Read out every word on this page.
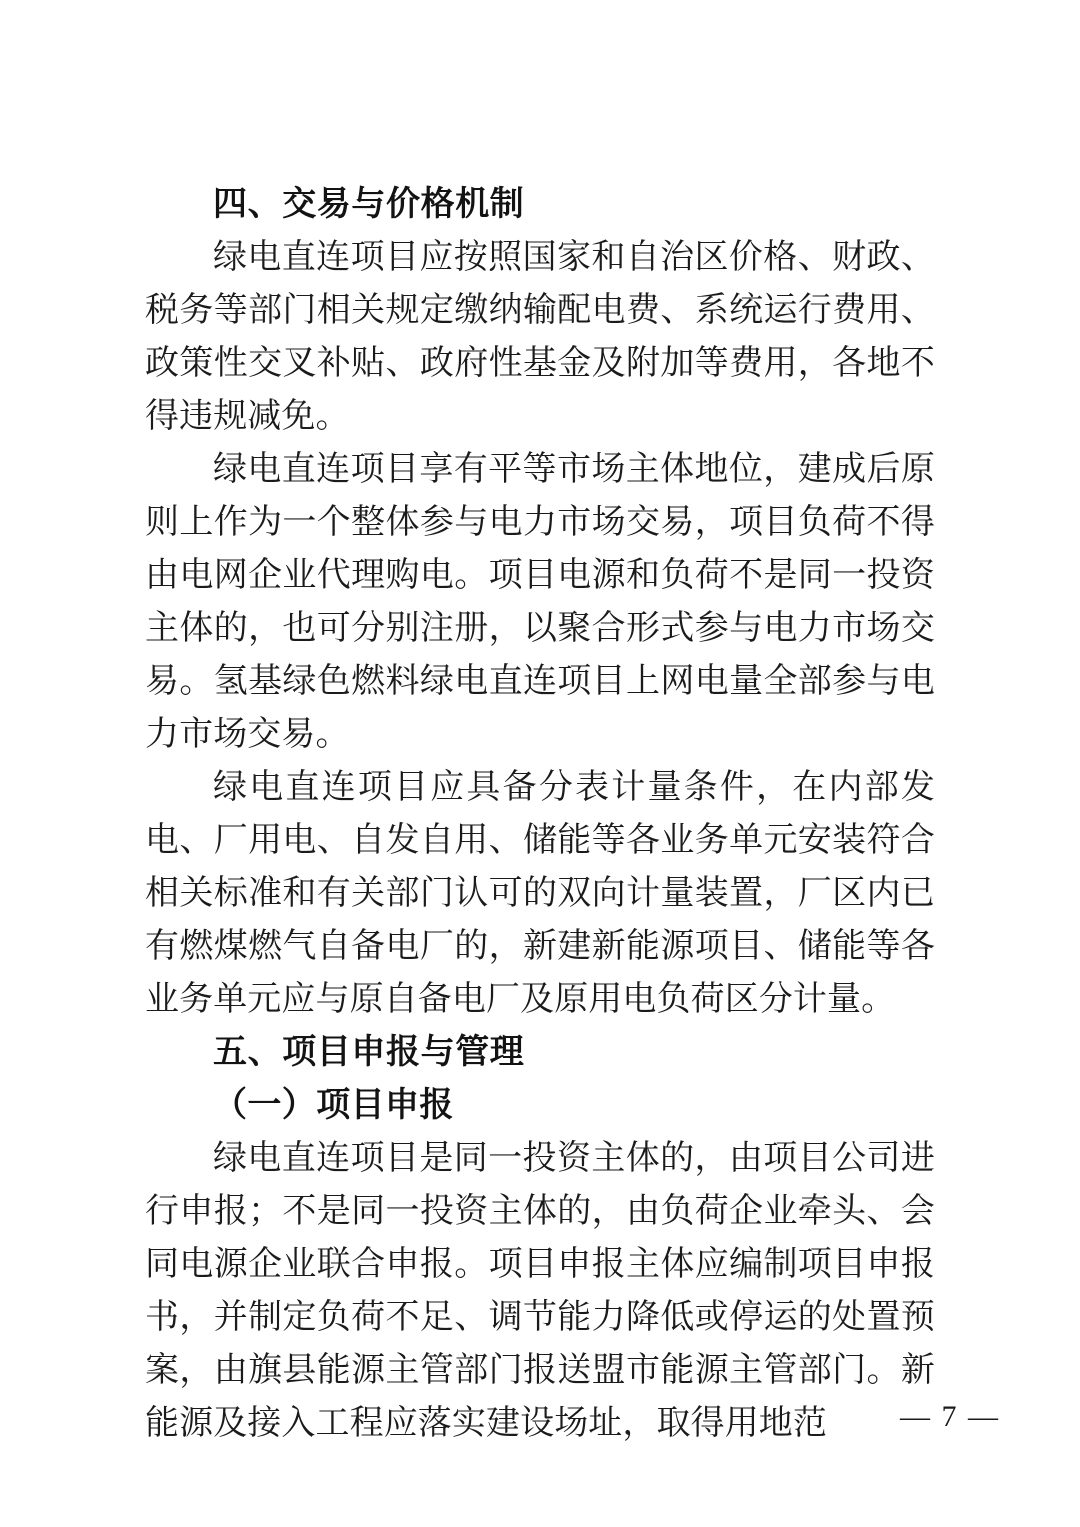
四、交易与价格机制

绿电直连项目应按照国家和自治区价格、财政、税务等部门相关规定缴纳输配电费、系统运行费用、政策性交叉补贴、政府性基金及附加等费用，各地不得违规减免。

绿电直连项目享有平等市场主体地位，建成后原则上作为一个整体参与电力市场交易，项目负荷不得由电网企业代理购电。项目电源和负荷不是同一投资主体的，也可分别注册，以聚合形式参与电力市场交易。氢基绿色燃料绿电直连项目上网电量全部参与电力市场交易。

绿电直连项目应具备分表计量条件，在内部发电、厂用电、自发自用、储能等各业务单元安装符合相关标准和有关部门认可的双向计量装置，厂区内已有燃煤燃气自备电厂的，新建新能源项目、储能等各业务单元应与原自备电厂及原用电负荷区分计量。

五、项目申报与管理
（一）项目申报

绿电直连项目是同一投资主体的，由项目公司进行申报；不是同一投资主体的，由负荷企业牵头、会同电源企业联合申报。项目申报主体应编制项目申报书，并制定负荷不足、调节能力降低或停运的处置预案，由旗县能源主管部门报送盟市能源主管部门。新能源及接入工程应落实建设场址，取得用地范	— 7 —
